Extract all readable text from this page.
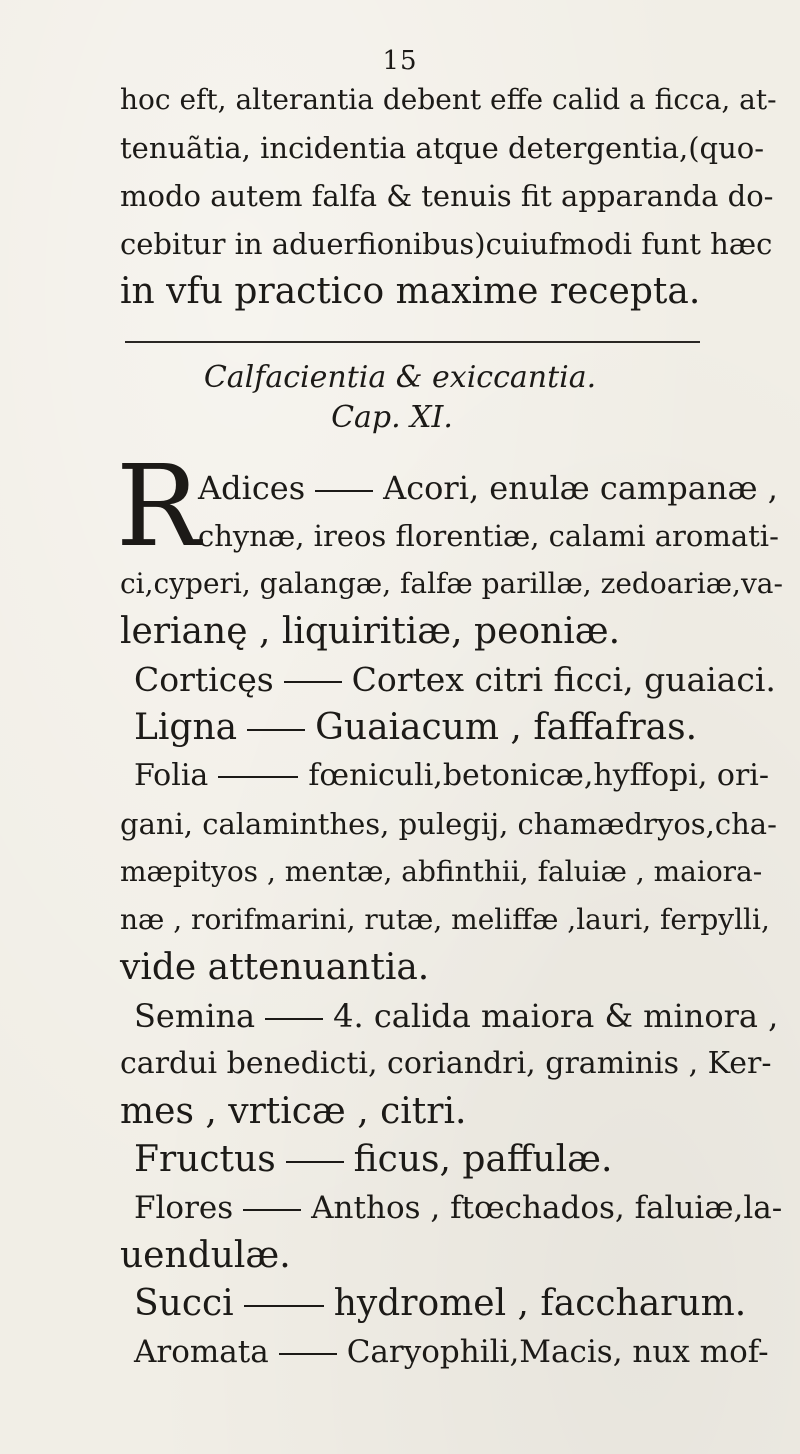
15
hoc eft, alterantia debent effe calid a ficca, at-
tenuãtia, incidentia atque detergentia,(quo-
modo autem falfa & tenuis fit apparanda do-
cebitur in aduerfionibus)cuiufmodi funt hæc
in vfu practico maxime recepta.
Calfacientia & exiccantia.
Cap. XI.
R
Adices Acori, enulæ campanæ ,
chynæ, ireos florentiæ, calami aromati-
ci,cyperi, galangæ, falfæ parillæ, zedoariæ,va-
lerianę , liquiritiæ, peoniæ.
Corticęs Cortex citri ficci, guaiaci.
Ligna Guaiacum , faffafras.
Folia	fœniculi,betonicæ,hyffopi, ori-
gani, calaminthes, pulegij, chamædryos,cha-
mæpityos , mentæ, abfinthii, faluiæ , maiora-
næ , rorifmarini, rutæ, meliffæ ,lauri, ferpylli,
vide attenuantia.
Semina 4. calida maiora & minora ,
cardui benedicti, coriandri, graminis , Ker-
mes , vrticæ , citri.
Fructus ficus, paffulæ.
Flores	Anthos , ftœchados, faluiæ,la-
uendulæ.
Succi	hydromel , faccharum.
Aromata	Caryophili,Macis, nux mof-
